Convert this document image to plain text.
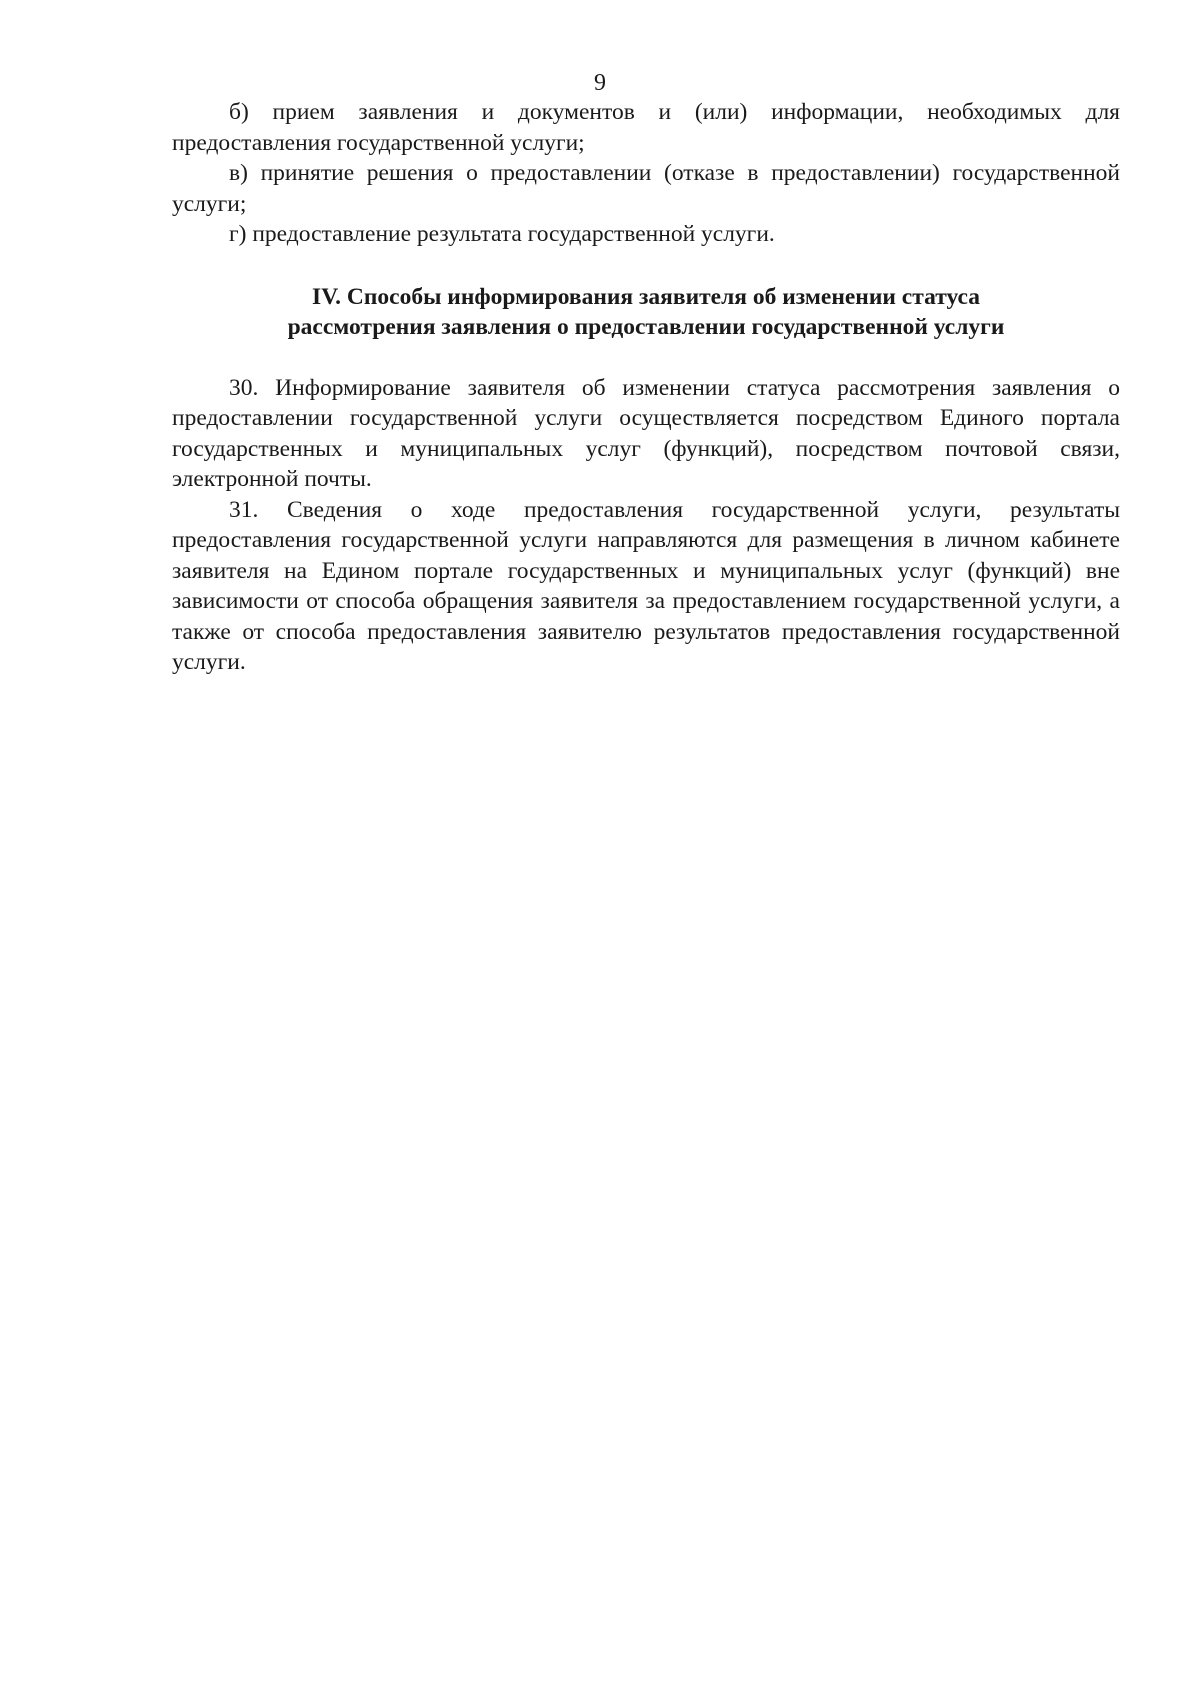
9

б) прием заявления и документов и (или) информации, необходимых для предоставления государственной услуги;

в) принятие решения о предоставлении (отказе в предоставлении) государственной услуги;

г) предоставление результата государственной услуги.

IV. Способы информирования заявителя об изменении статуса
рассмотрения заявления о предоставлении государственной услуги

30. Информирование заявителя об изменении статуса рассмотрения заявления о предоставлении государственной услуги осуществляется посредством Единого портала государственных и муниципальных услуг (функций), посредством почтовой связи, электронной почты.

31. Сведения о ходе предоставления государственной услуги, результаты предоставления государственной услуги направляются для размещения в личном кабинете заявителя на Едином портале государственных и муниципальных услуг (функций) вне зависимости от способа обращения заявителя за предоставлением государственной услуги, а также от способа предоставления заявителю результатов предоставления государственной услуги.
